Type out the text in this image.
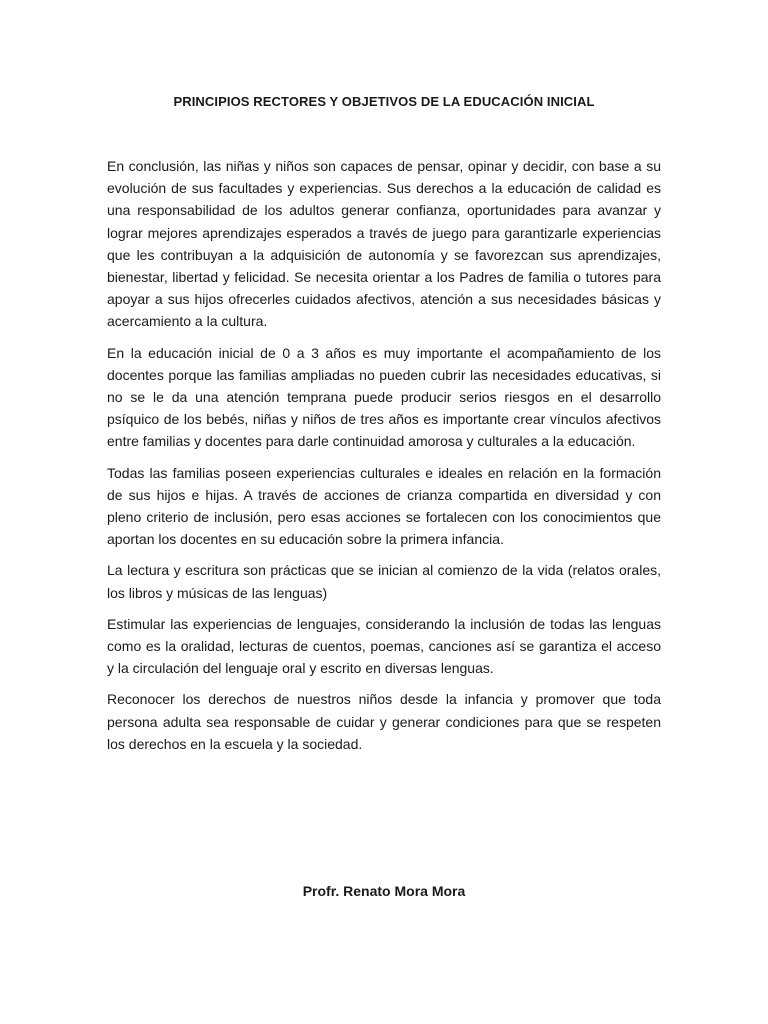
PRINCIPIOS RECTORES Y OBJETIVOS DE LA EDUCACIÓN INICIAL

En conclusión, las niñas y niños son capaces de pensar, opinar y decidir, con base a su evolución de sus facultades y experiencias. Sus derechos a la educación de calidad es una responsabilidad de los adultos generar confianza, oportunidades para avanzar y lograr mejores aprendizajes esperados a través de juego para garantizarle experiencias que les contribuyan a la adquisición de autonomía y se favorezcan sus aprendizajes, bienestar, libertad y felicidad. Se necesita orientar a los Padres de familia o tutores para apoyar a sus hijos ofrecerles cuidados afectivos, atención a sus necesidades básicas y acercamiento a la cultura.

En la educación inicial de 0 a 3 años es muy importante el acompañamiento de los docentes porque las familias ampliadas no pueden cubrir las necesidades educativas, si no se le da una atención temprana puede producir serios riesgos en el desarrollo psíquico de los bebés, niñas y niños de tres años es importante crear vínculos afectivos entre familias y docentes para darle continuidad amorosa y culturales a la educación.

Todas las familias poseen experiencias culturales e ideales en relación en la formación de sus hijos e hijas. A través de acciones de crianza compartida en diversidad y con pleno criterio de inclusión, pero esas acciones se fortalecen con los conocimientos que aportan los docentes en su educación sobre la primera infancia.

La lectura y escritura son prácticas que se inician al comienzo de la vida (relatos orales, los libros y músicas de las lenguas)

Estimular las experiencias de lenguajes, considerando la inclusión de todas las lenguas como es la oralidad, lecturas de cuentos, poemas, canciones así se garantiza el acceso y la circulación del lenguaje oral y escrito en diversas lenguas.

Reconocer los derechos de nuestros niños desde la infancia y promover que toda persona adulta sea responsable de cuidar y generar condiciones para que se respeten los derechos en la escuela y la sociedad.

Profr. Renato Mora Mora
